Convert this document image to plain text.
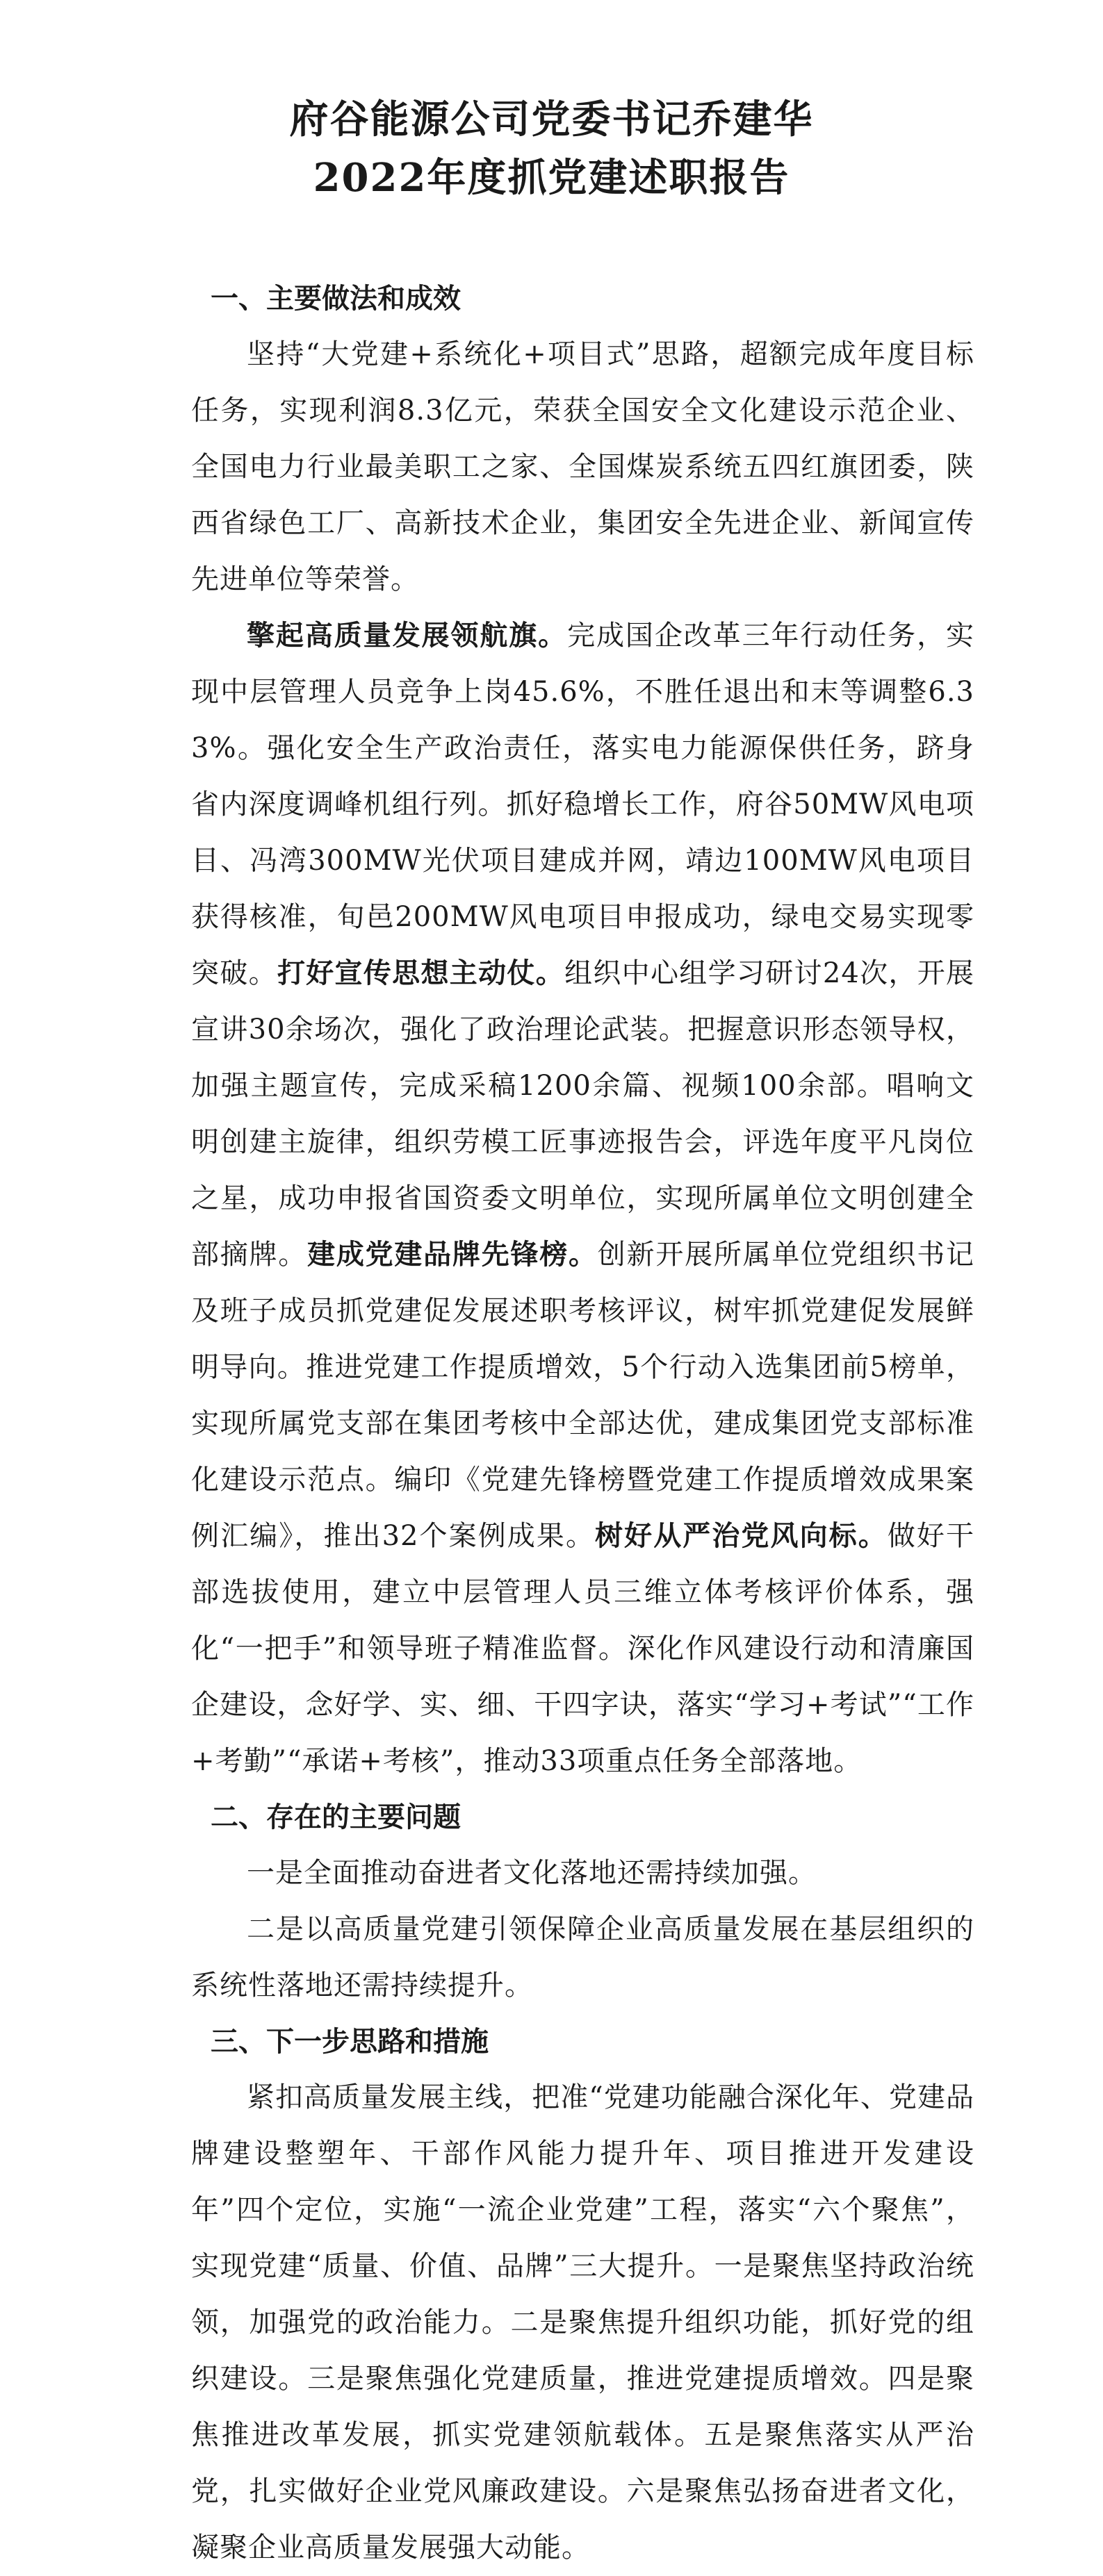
府谷能源公司党委书记乔建华
2022年度抓党建述职报告

一、主要做法和成效

坚持“大党建+系统化+项目式”思路，超额完成年度目标任务，实现利润8.3亿元，荣获全国安全文化建设示范企业、全国电力行业最美职工之家、全国煤炭系统五四红旗团委，陕西省绿色工厂、高新技术企业，集团安全先进企业、新闻宣传先进单位等荣誉。

擎起高质量发展领航旗。完成国企改革三年行动任务，实现中层管理人员竞争上岗45.6%，不胜任退出和末等调整6.33%。强化安全生产政治责任，落实电力能源保供任务，跻身省内深度调峰机组行列。抓好稳增长工作，府谷50MW风电项目、冯湾300MW光伏项目建成并网，靖边100MW风电项目获得核准，旬邑200MW风电项目申报成功，绿电交易实现零突破。打好宣传思想主动仗。组织中心组学习研讨24次，开展宣讲30余场次，强化了政治理论武装。把握意识形态领导权，加强主题宣传，完成采稿1200余篇、视频100余部。唱响文明创建主旋律，组织劳模工匠事迹报告会，评选年度平凡岗位之星，成功申报省国资委文明单位，实现所属单位文明创建全部摘牌。建成党建品牌先锋榜。创新开展所属单位党组织书记及班子成员抓党建促发展述职考核评议，树牢抓党建促发展鲜明导向。推进党建工作提质增效，5个行动入选集团前5榜单，实现所属党支部在集团考核中全部达优，建成集团党支部标准化建设示范点。编印《党建先锋榜暨党建工作提质增效成果案例汇编》，推出32个案例成果。树好从严治党风向标。做好干部选拔使用，建立中层管理人员三维立体考核评价体系，强化“一把手”和领导班子精准监督。深化作风建设行动和清廉国企建设，念好学、实、细、干四字诀，落实“学习+考试”“工作+考勤”“承诺+考核”，推动33项重点任务全部落地。

二、存在的主要问题

一是全面推动奋进者文化落地还需持续加强。

二是以高质量党建引领保障企业高质量发展在基层组织的系统性落地还需持续提升。

三、下一步思路和措施

紧扣高质量发展主线，把准“党建功能融合深化年、党建品牌建设整塑年、干部作风能力提升年、项目推进开发建设年”四个定位，实施“一流企业党建”工程，落实“六个聚焦”，实现党建“质量、价值、品牌”三大提升。一是聚焦坚持政治统领，加强党的政治能力。二是聚焦提升组织功能，抓好党的组织建设。三是聚焦强化党建质量，推进党建提质增效。四是聚焦推进改革发展，抓实党建领航载体。五是聚焦落实从严治党，扎实做好企业党风廉政建设。六是聚焦弘扬奋进者文化，凝聚企业高质量发展强大动能。
